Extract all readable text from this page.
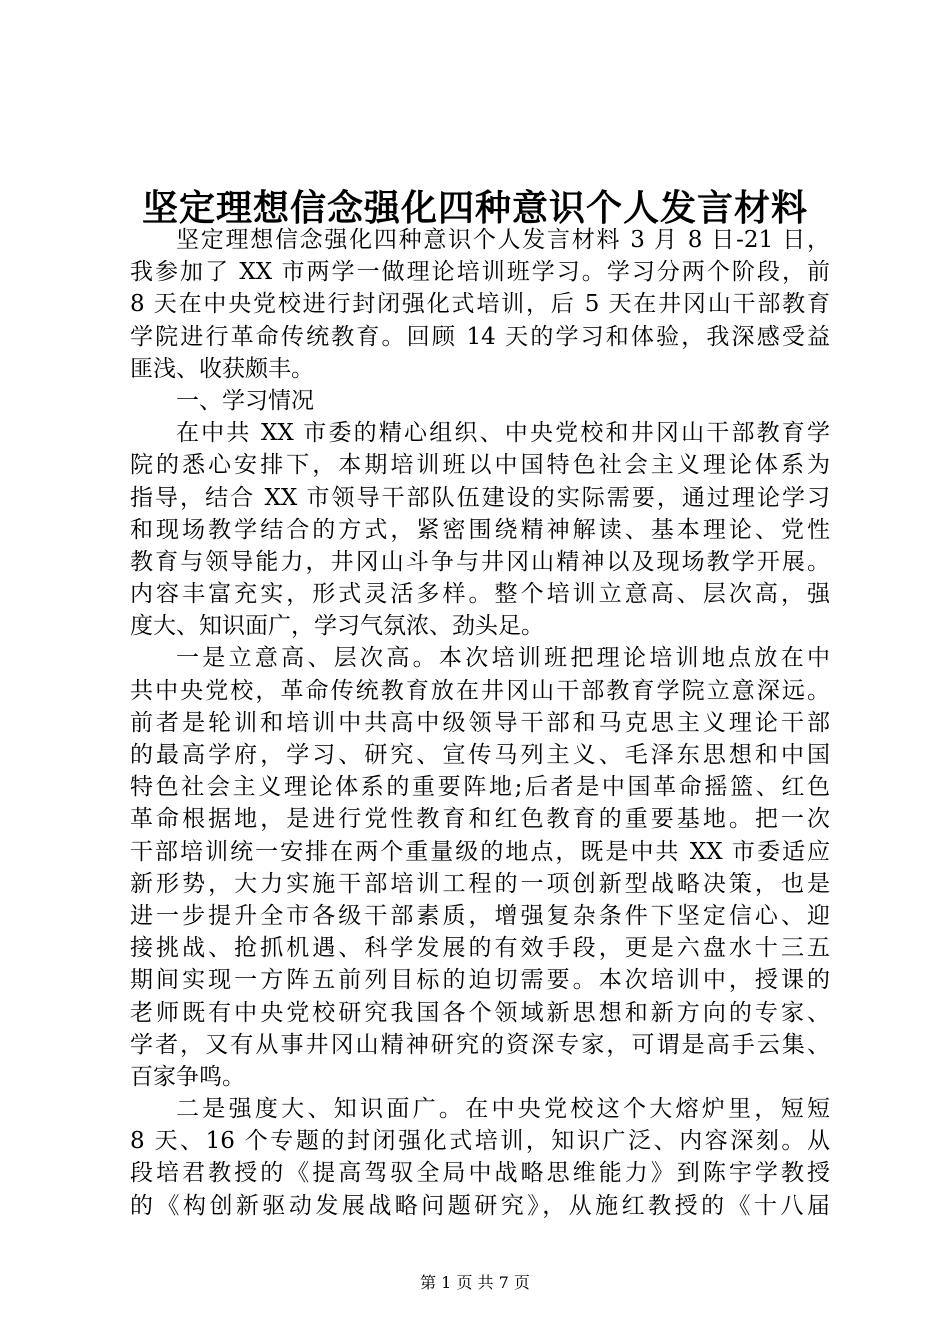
坚定理想信念强化四种意识个人发言材料
坚定理想信念强化四种意识个人发言材料 3 月 8 日-21 日，
我参加了 XX 市两学一做理论培训班学习。学习分两个阶段，前
8 天在中央党校进行封闭强化式培训，后 5 天在井冈山干部教育
学院进行革命传统教育。回顾 14 天的学习和体验，我深感受益
匪浅、收获颇丰。
一、学习情况
在中共 XX 市委的精心组织、中央党校和井冈山干部教育学
院的悉心安排下，本期培训班以中国特色社会主义理论体系为
指导，结合 XX 市领导干部队伍建设的实际需要，通过理论学习
和现场教学结合的方式，紧密围绕精神解读、基本理论、党性
教育与领导能力，井冈山斗争与井冈山精神以及现场教学开展。
内容丰富充实，形式灵活多样。整个培训立意高、层次高，强
度大、知识面广，学习气氛浓、劲头足。
一是立意高、层次高。本次培训班把理论培训地点放在中
共中央党校，革命传统教育放在井冈山干部教育学院立意深远。
前者是轮训和培训中共高中级领导干部和马克思主义理论干部
的最高学府，学习、研究、宣传马列主义、毛泽东思想和中国
特色社会主义理论体系的重要阵地;后者是中国革命摇篮、红色
革命根据地，是进行党性教育和红色教育的重要基地。把一次
干部培训统一安排在两个重量级的地点，既是中共 XX 市委适应
新形势，大力实施干部培训工程的一项创新型战略决策，也是
进一步提升全市各级干部素质，增强复杂条件下坚定信心、迎
接挑战、抢抓机遇、科学发展的有效手段，更是六盘水十三五
期间实现一方阵五前列目标的迫切需要。本次培训中，授课的
老师既有中央党校研究我国各个领域新思想和新方向的专家、
学者，又有从事井冈山精神研究的资深专家，可谓是高手云集、
百家争鸣。
二是强度大、知识面广。在中央党校这个大熔炉里，短短
8 天、16 个专题的封闭强化式培训，知识广泛、内容深刻。从
段培君教授的《提高驾驭全局中战略思维能力》到陈宇学教授
的《构创新驱动发展战略问题研究》，从施红教授的《十八届
第 1 页 共 7 页
